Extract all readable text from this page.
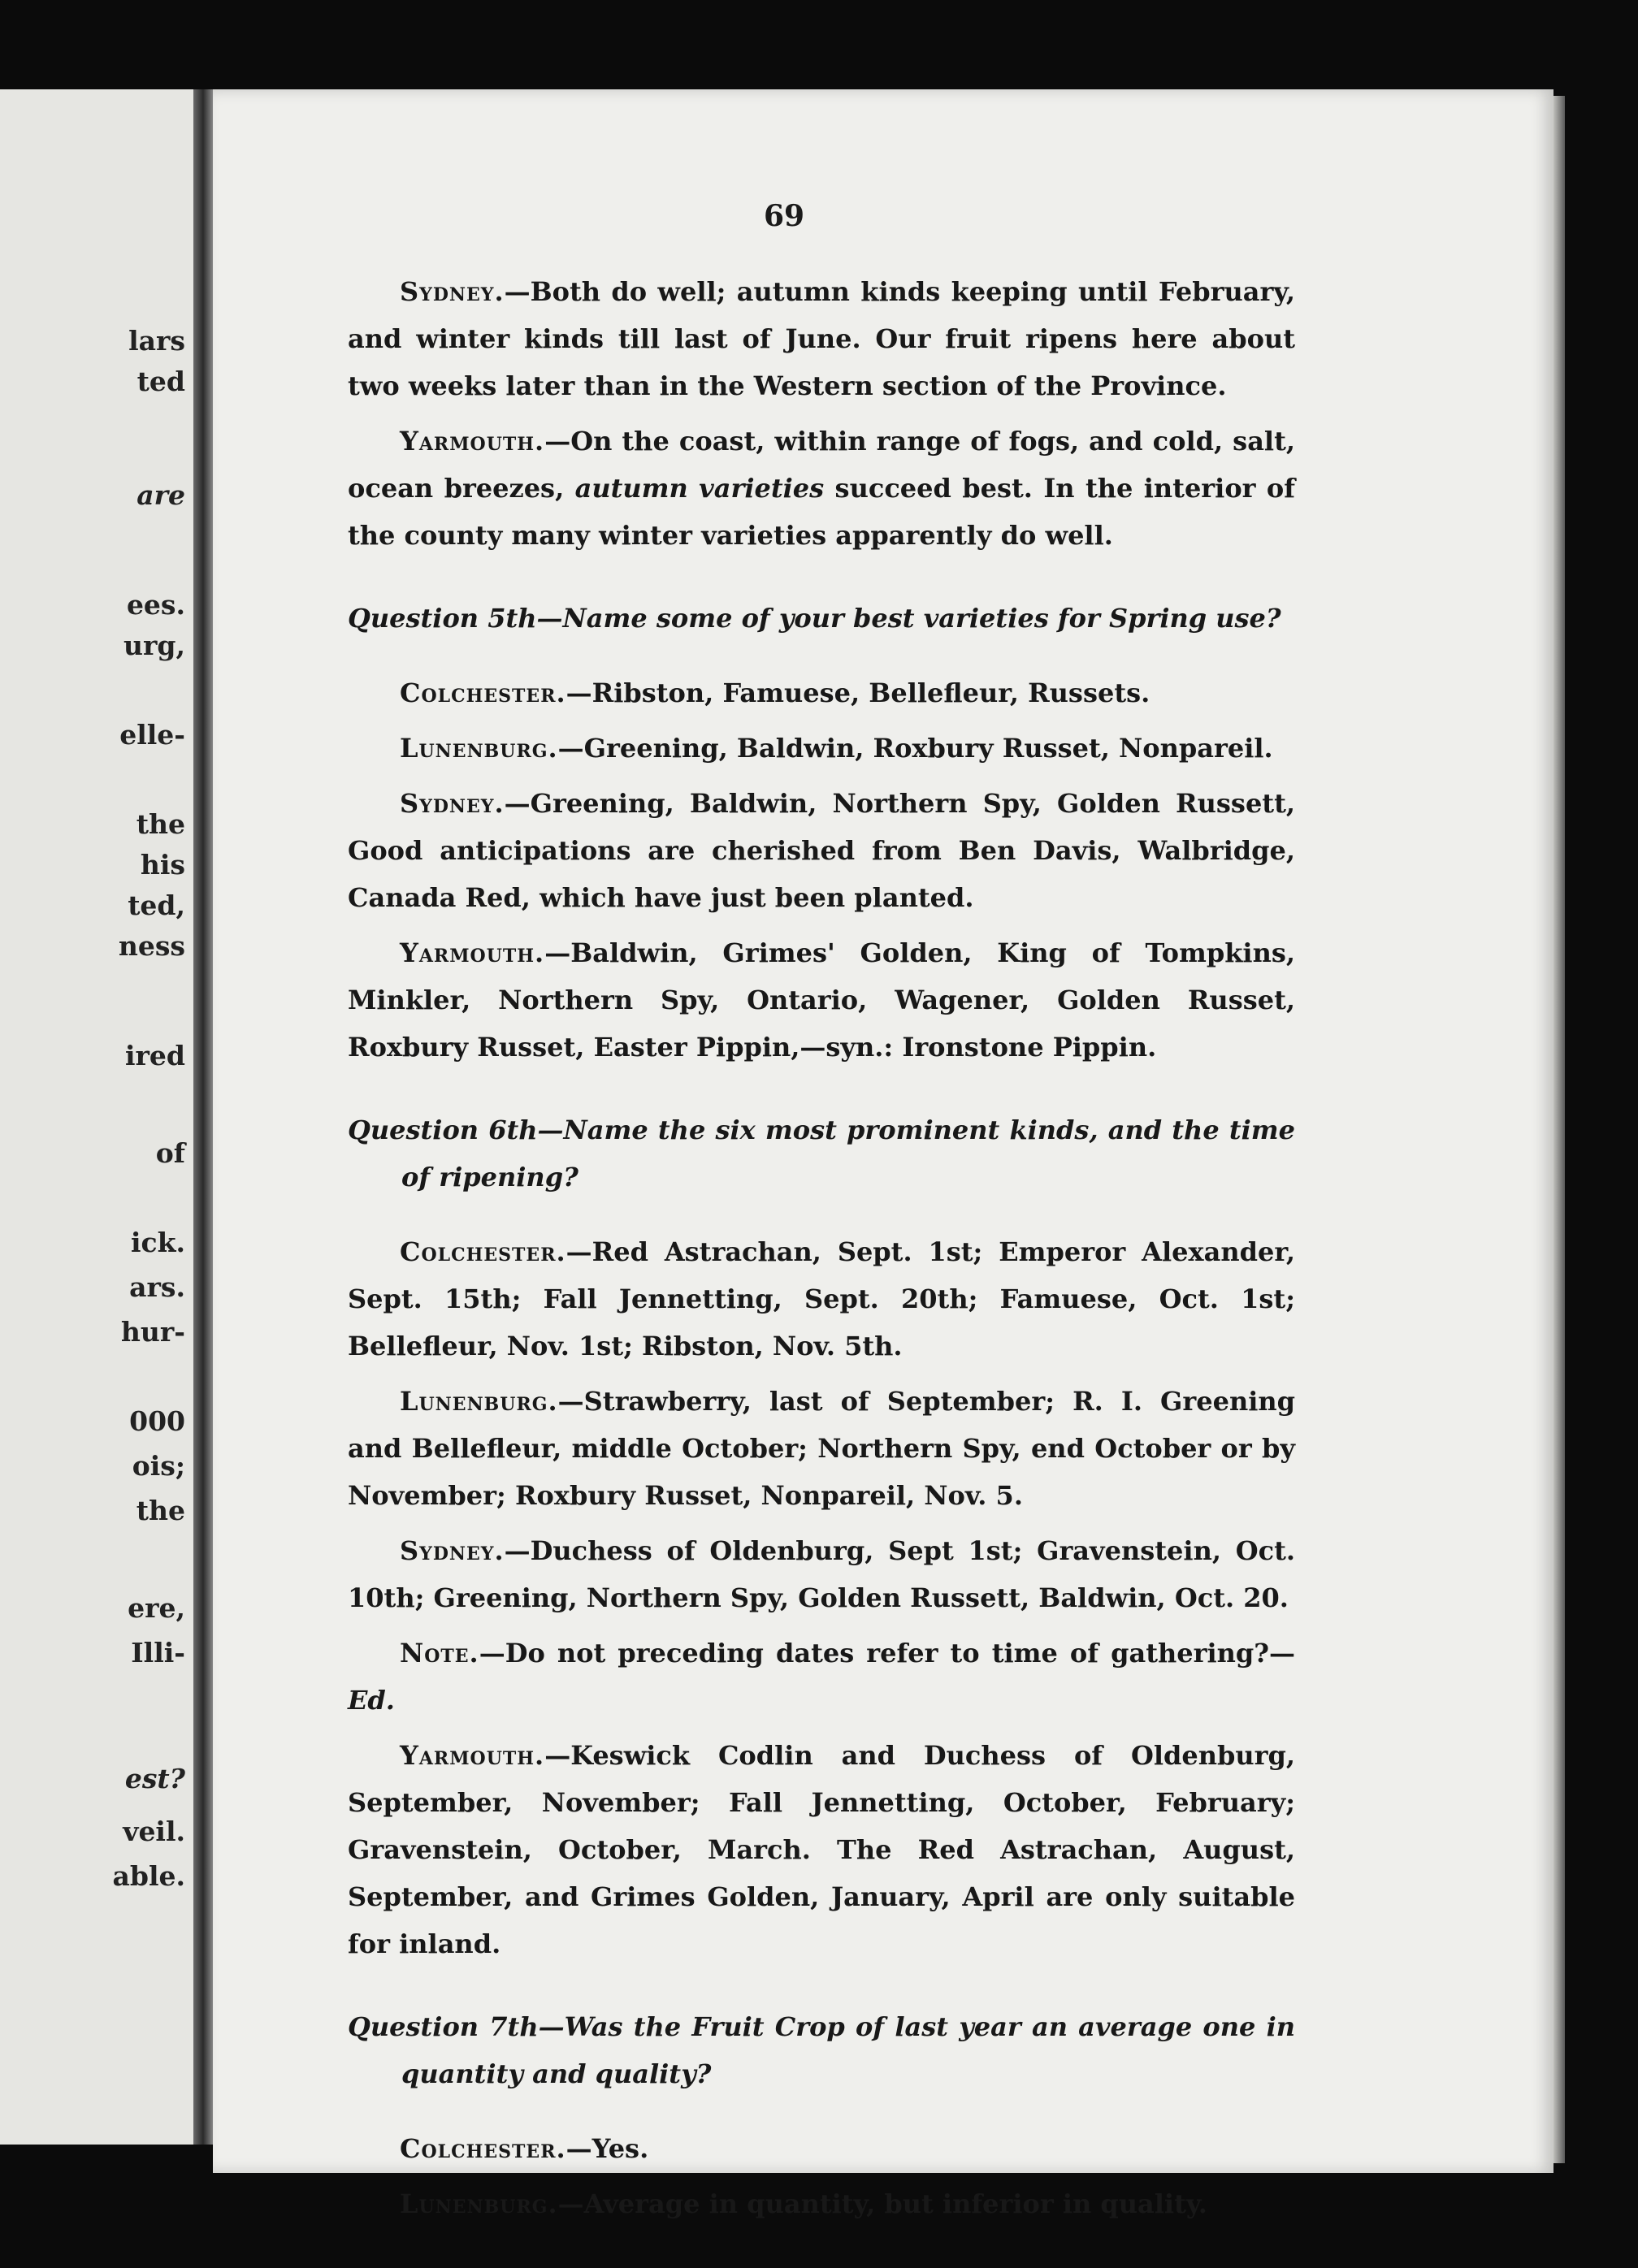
lars
ted
are
ees.
urg,
elle-
the
his
ted,
ness
ired
of
ick.
ars.
hur-
000
ois;
the
ere,
Illi-
est?
veil.
able.
69

Sydney.—Both do well; autumn kinds keeping until February, and winter kinds till last of June. Our fruit ripens here about two weeks later than in the Western section of the Province.

Yarmouth.—On the coast, within range of fogs, and cold, salt, ocean breezes, autumn varieties succeed best. In the interior of the county many winter varieties apparently do well.

Question 5th—Name some of your best varieties for Spring use?

Colchester.—Ribston, Famuese, Bellefleur, Russets.

Lunenburg.—Greening, Baldwin, Roxbury Russet, Nonpareil.

Sydney.—Greening, Baldwin, Northern Spy, Golden Russett, Good anticipations are cherished from Ben Davis, Walbridge, Canada Red, which have just been planted.

Yarmouth.—Baldwin, Grimes' Golden, King of Tompkins, Minkler, Northern Spy, Ontario, Wagener, Golden Russet, Roxbury Russet, Easter Pippin,—syn.: Ironstone Pippin.

Question 6th—Name the six most prominent kinds, and the time of ripening?

Colchester.—Red Astrachan, Sept. 1st; Emperor Alexander, Sept. 15th; Fall Jennetting, Sept. 20th; Famuese, Oct. 1st; Bellefleur, Nov. 1st; Ribston, Nov. 5th.

Lunenburg.—Strawberry, last of September; R. I. Greening and Bellefleur, middle October; Northern Spy, end October or by November; Roxbury Russet, Nonpareil, Nov. 5.

Sydney.—Duchess of Oldenburg, Sept 1st; Gravenstein, Oct. 10th; Greening, Northern Spy, Golden Russett, Baldwin, Oct. 20.

Note.—Do not preceding dates refer to time of gathering?—Ed.

Yarmouth.—Keswick Codlin and Duchess of Oldenburg, September, November; Fall Jennetting, October, February; Gravenstein, October, March. The Red Astrachan, August, September, and Grimes Golden, January, April are only suitable for inland.

Question 7th—Was the Fruit Crop of last year an average one in quantity and quality?

Colchester.—Yes.

Lunenburg.—Average in quantity, but inferior in quality.
